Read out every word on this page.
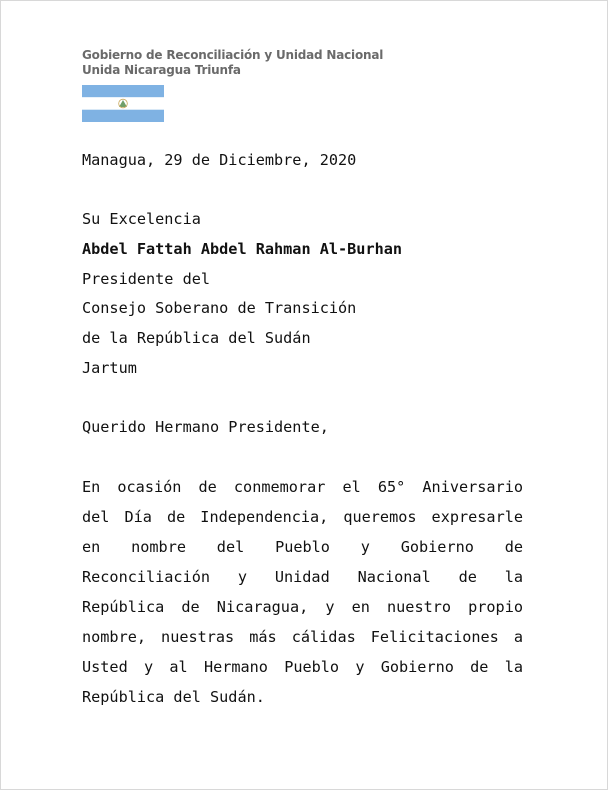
Gobierno de Reconciliación y Unidad Nacional
Unida Nicaragua Triunfa
Managua, 29 de Diciembre, 2020
Su Excelencia
Abdel Fattah Abdel Rahman Al-Burhan
Presidente del
Consejo Soberano de Transición
de la República del Sudán
Jartum
Querido Hermano Presidente,
En ocasión de conmemorar el 65° Aniversario
del Día de Independencia, queremos expresarle
en nombre del Pueblo y Gobierno de
Reconciliación y Unidad Nacional de la
República de Nicaragua, y en nuestro propio
nombre, nuestras más cálidas Felicitaciones a
Usted y al Hermano Pueblo y Gobierno de la
República del Sudán.
